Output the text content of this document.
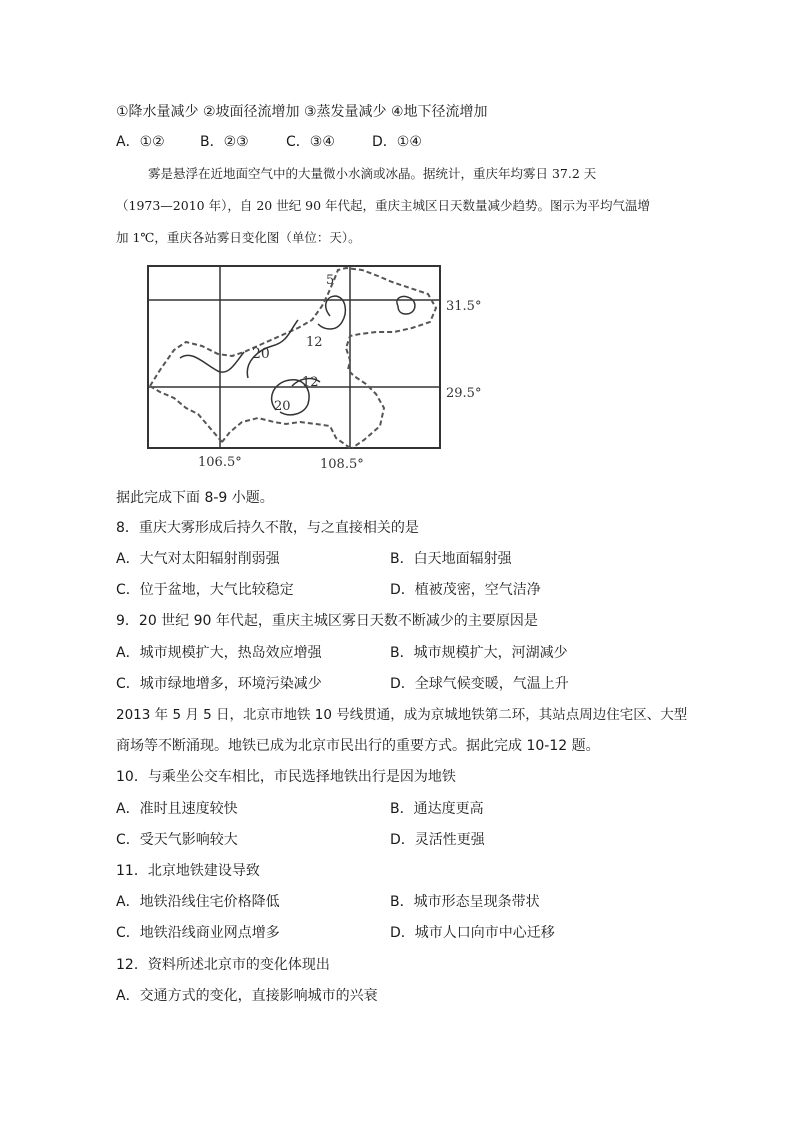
①降水量减少 ②坡面径流增加 ③蒸发量减少 ④地下径流增加
A．①②	B．②③	C．③④	D．①④
雾是悬浮在近地面空气中的大量微小水滴或冰晶。据统计，重庆年均雾日 37.2 天
（1973—2010 年），自 20 世纪 90 年代起，重庆主城区日天数量减少趋势。图示为平均气温增
加 1℃，重庆各站雾日变化图（单位：天）。
5
20
12
12
20
31.5°
29.5°
106.5°	108.5°
据此完成下面 8-9 小题。
8．重庆大雾形成后持久不散，与之直接相关的是
A．大气对太阳辐射削弱强	B．白天地面辐射强
C．位于盆地，大气比较稳定	D．植被茂密，空气洁净
9．20 世纪 90 年代起，重庆主城区雾日天数不断减少的主要原因是
A．城市规模扩大，热岛效应增强	B．城市规模扩大，河湖减少
C．城市绿地增多，环境污染减少	D．全球气候变暖，气温上升
2013 年 5 月 5 日，北京市地铁 10 号线贯通，成为京城地铁第二环，其站点周边住宅区、大型
商场等不断涌现。地铁已成为北京市民出行的重要方式。据此完成 10-12 题。
10．与乘坐公交车相比，市民选择地铁出行是因为地铁
A．准时且速度较快	B．通达度更高
C．受天气影响较大	D．灵活性更强
11．北京地铁建设导致
A．地铁沿线住宅价格降低	B．城市形态呈现条带状
C．地铁沿线商业网点增多	D．城市人口向市中心迁移
12．资料所述北京市的变化体现出
A．交通方式的变化，直接影响城市的兴衰
